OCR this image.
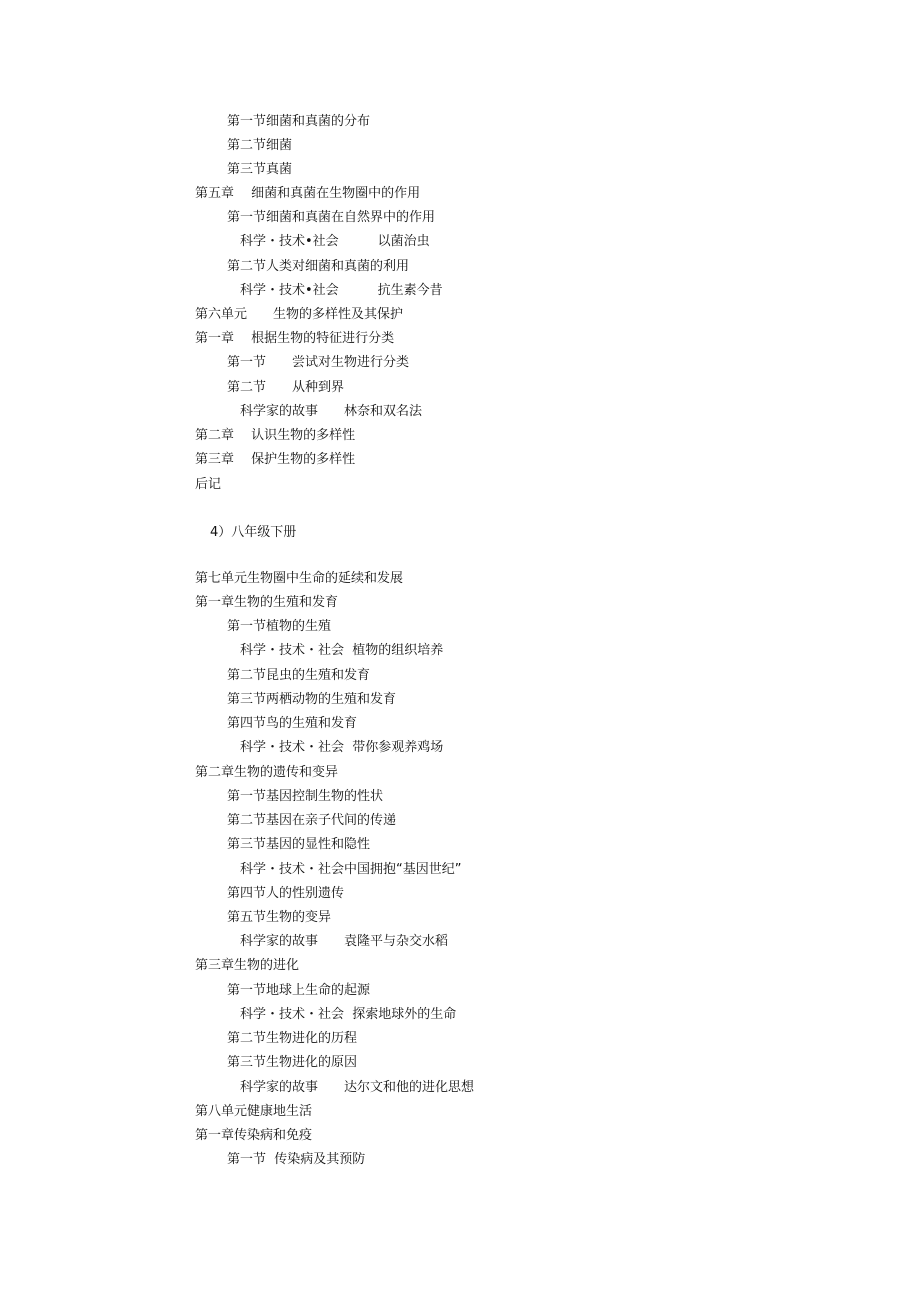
第一节细菌和真菌的分布
第二节细菌
第三节真菌
第五章　 细菌和真菌在生物圈中的作用
第一节细菌和真菌在自然界中的作用
科学・技术•社会　　　以菌治虫
第二节人类对细菌和真菌的利用
科学・技术•社会　　　抗生素今昔
第六单元　　生物的多样性及其保护
第一章　 根据生物的特征进行分类
第一节　　尝试对生物进行分类
第二节　　从种到界
科学家的故事　　林奈和双名法
第二章　 认识生物的多样性
第三章　 保护生物的多样性
后记
4）八年级下册
第七单元生物圈中生命的延续和发展
第一章生物的生殖和发育
第一节植物的生殖
科学・技术・社会  植物的组织培养
第二节昆虫的生殖和发育
第三节两栖动物的生殖和发育
第四节鸟的生殖和发育
科学・技术・社会  带你参观养鸡场
第二章生物的遗传和变异
第一节基因控制生物的性状
第二节基因在亲子代间的传递
第三节基因的显性和隐性
科学・技术・社会中国拥抱“基因世纪”
第四节人的性别遗传
第五节生物的变异
科学家的故事　　袁隆平与杂交水稻
第三章生物的进化
第一节地球上生命的起源
科学・技术・社会  探索地球外的生命
第二节生物进化的历程
第三节生物进化的原因
科学家的故事　　达尔文和他的进化思想
第八单元健康地生活
第一章传染病和免疫
第一节  传染病及其预防
